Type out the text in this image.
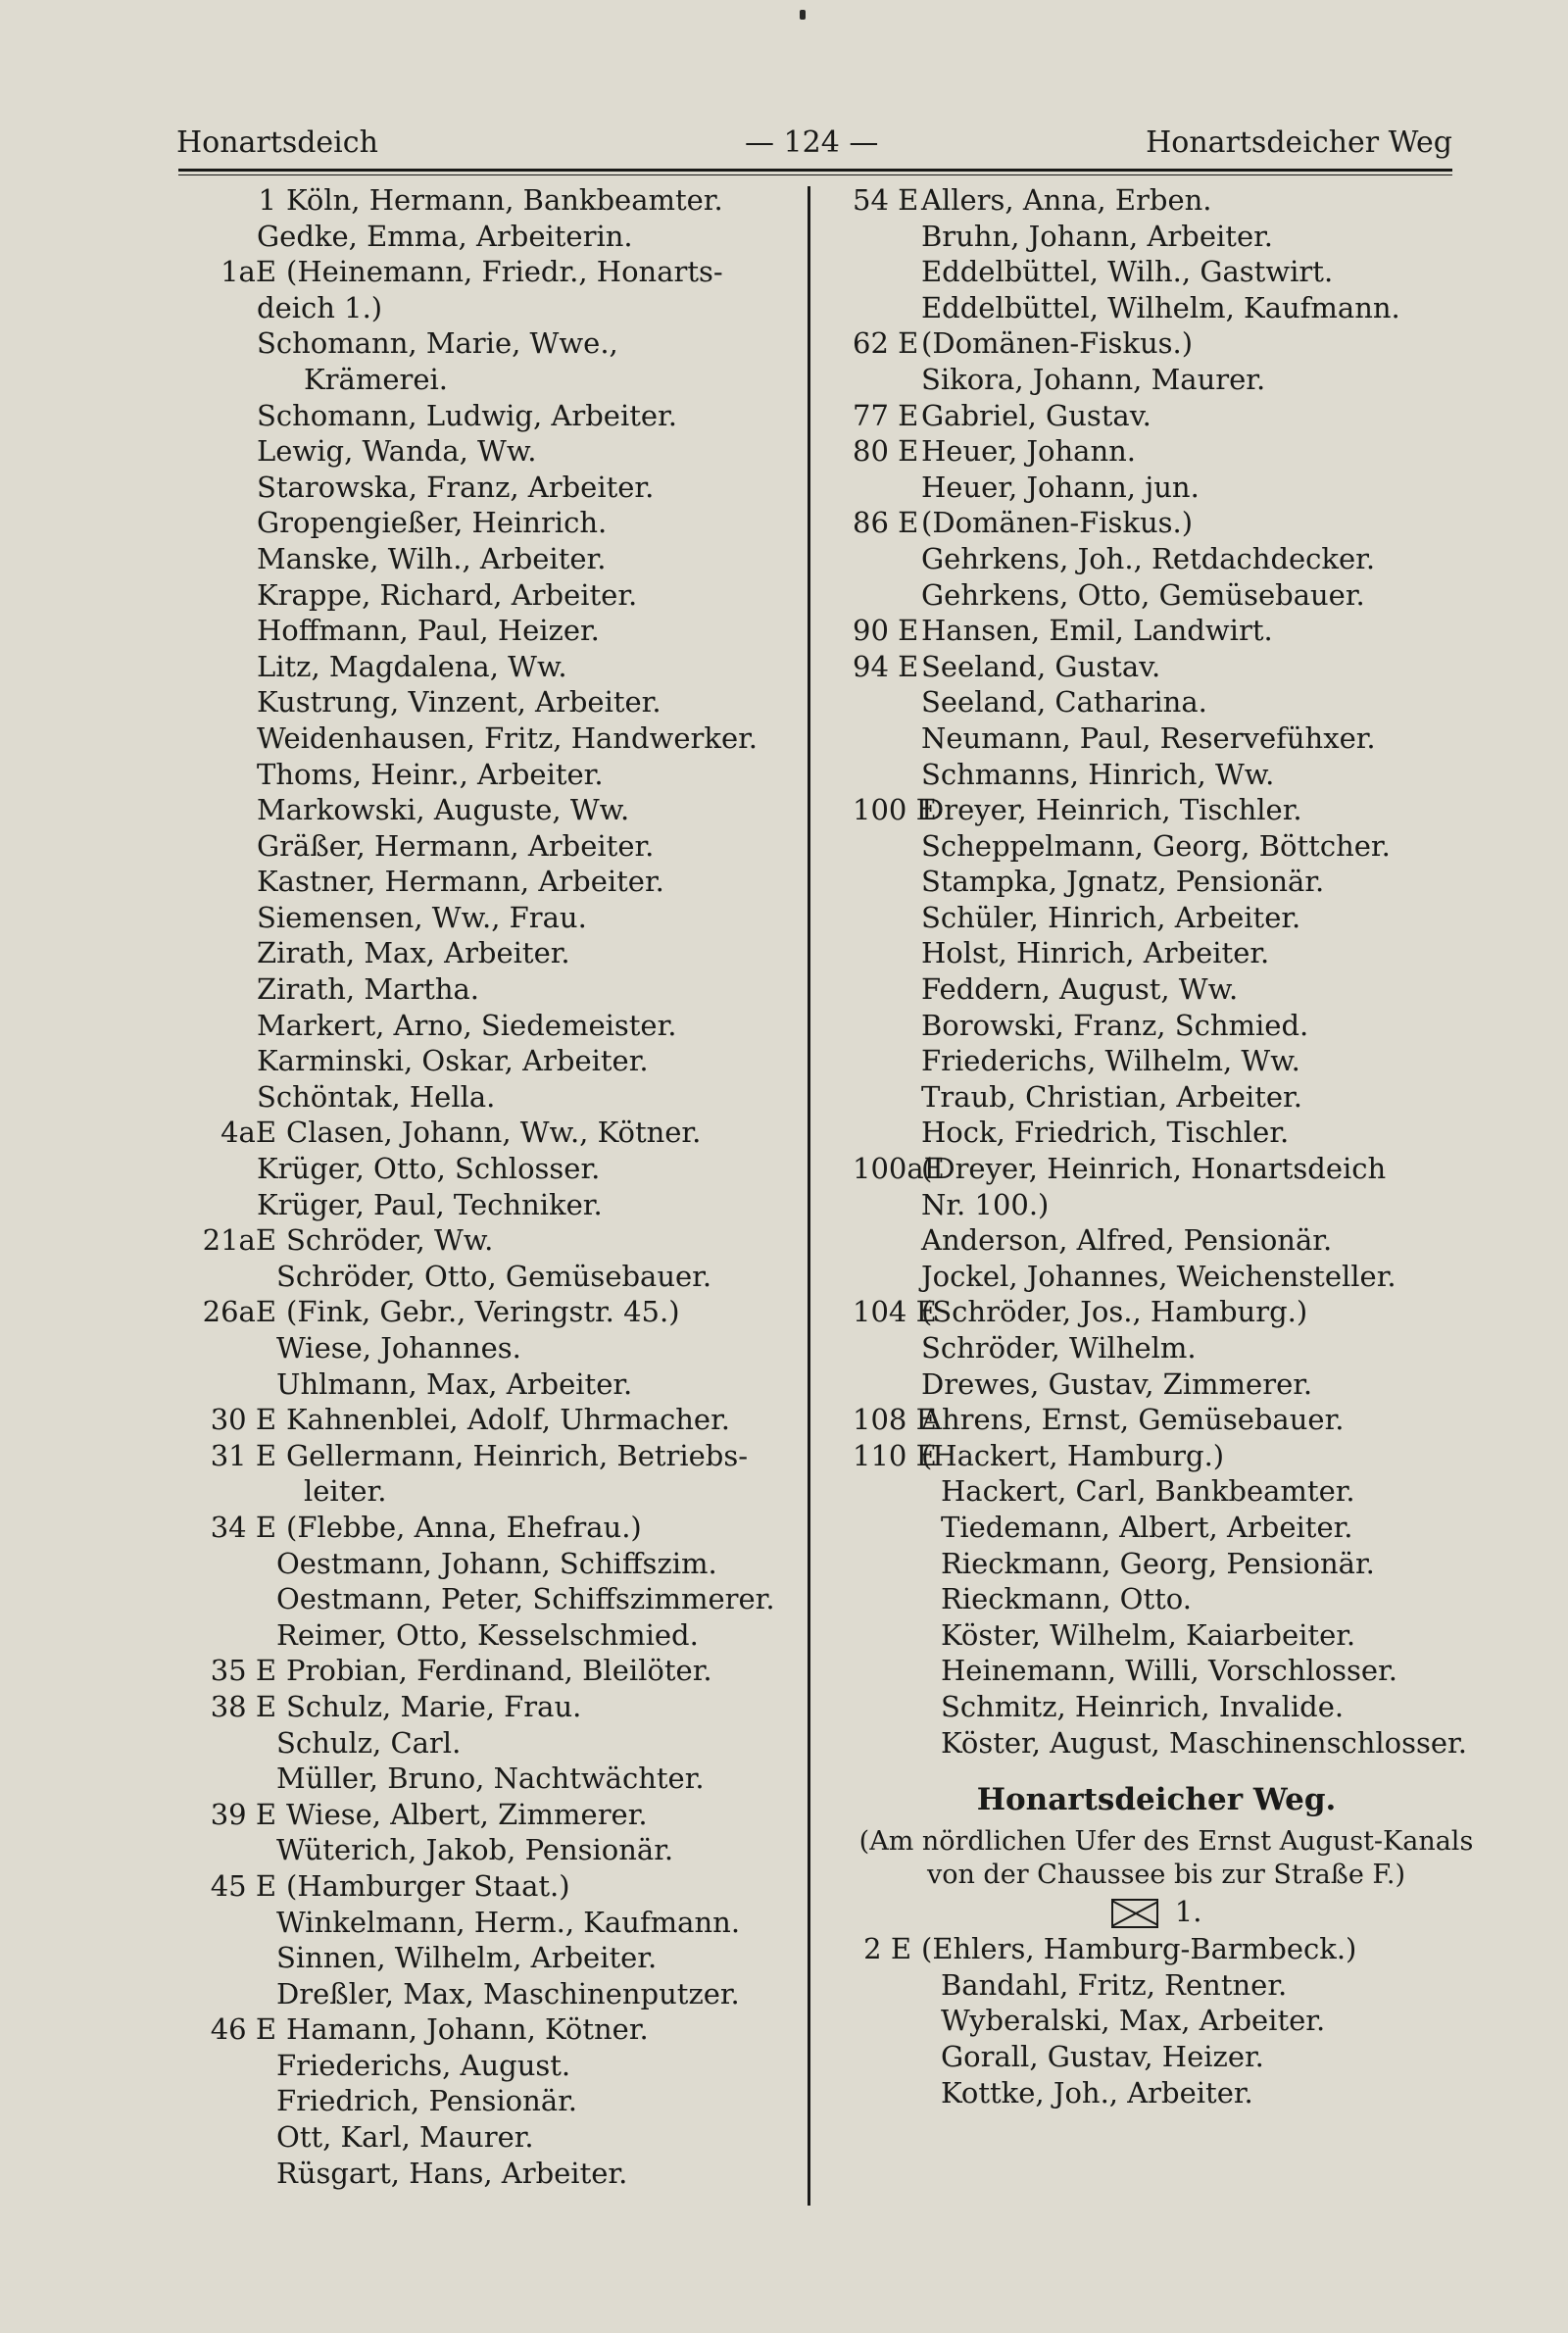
Honartsdeich	— 124 —	Honartsdeicher Weg
1 Köln, Hermann, Bankbeamter.
Gedke, Emma, Arbeiterin.
1aE (Heinemann, Friedr., Honarts-
deich 1.)
Schomann, Marie, Wwe.,
Krämerei.
Schomann, Ludwig, Arbeiter.
Lewig, Wanda, Ww.
Starowska, Franz, Arbeiter.
Gropengießer, Heinrich.
Manske, Wilh., Arbeiter.
Krappe, Richard, Arbeiter.
Hoffmann, Paul, Heizer.
Litz, Magdalena, Ww.
Kustrung, Vinzent, Arbeiter.
Weidenhausen, Fritz, Handwerker.
Thoms, Heinr., Arbeiter.
Markowski, Auguste, Ww.
Gräßer, Hermann, Arbeiter.
Kastner, Hermann, Arbeiter.
Siemensen, Ww., Frau.
Zirath, Max, Arbeiter.
Zirath, Martha.
Markert, Arno, Siedemeister.
Karminski, Oskar, Arbeiter.
Schöntak, Hella.
4aE Clasen, Johann, Ww., Kötner.
Krüger, Otto, Schlosser.
Krüger, Paul, Techniker.
21aE Schröder, Ww.
Schröder, Otto, Gemüsebauer.
26aE (Fink, Gebr., Veringstr. 45.)
Wiese, Johannes.
Uhlmann, Max, Arbeiter.
30 E Kahnenblei, Adolf, Uhrmacher.
31 E Gellermann, Heinrich, Betriebs-
leiter.
34 E (Flebbe, Anna, Ehefrau.)
Oestmann, Johann, Schiffszim.
Oestmann, Peter, Schiffszimmerer.
Reimer, Otto, Kesselschmied.
35 E Probian, Ferdinand, Bleilöter.
38 E Schulz, Marie, Frau.
Schulz, Carl.
Müller, Bruno, Nachtwächter.
39 E Wiese, Albert, Zimmerer.
Wüterich, Jakob, Pensionär.
45 E (Hamburger Staat.)
Winkelmann, Herm., Kaufmann.
Sinnen, Wilhelm, Arbeiter.
Dreßler, Max, Maschinenputzer.
46 E Hamann, Johann, Kötner.
Friederichs, August.
Friedrich, Pensionär.
Ott, Karl, Maurer.
Rüsgart, Hans, Arbeiter.
54 EAllers, Anna, Erben.
Bruhn, Johann, Arbeiter.
Eddelbüttel, Wilh., Gastwirt.
Eddelbüttel, Wilhelm, Kaufmann.
62 E(Domänen-Fiskus.)
Sikora, Johann, Maurer.
77 EGabriel, Gustav.
80 EHeuer, Johann.
Heuer, Johann, jun.
86 E(Domänen-Fiskus.)
Gehrkens, Joh., Retdachdecker.
Gehrkens, Otto, Gemüsebauer.
90 EHansen, Emil, Landwirt.
94 ESeeland, Gustav.
Seeland, Catharina.
Neumann, Paul, Reservefühxer.
Schmanns, Hinrich, Ww.
100 EDreyer, Heinrich, Tischler.
Scheppelmann, Georg, Böttcher.
Stampka, Jgnatz, Pensionär.
Schüler, Hinrich, Arbeiter.
Holst, Hinrich, Arbeiter.
Feddern, August, Ww.
Borowski, Franz, Schmied.
Friederichs, Wilhelm, Ww.
Traub, Christian, Arbeiter.
Hock, Friedrich, Tischler.
100aE(Dreyer, Heinrich, Honartsdeich
Nr. 100.)
Anderson, Alfred, Pensionär.
Jockel, Johannes, Weichensteller.
104 E(Schröder, Jos., Hamburg.)
Schröder, Wilhelm.
Drewes, Gustav, Zimmerer.
108 EAhrens, Ernst, Gemüsebauer.
110 E(Hackert, Hamburg.)
Hackert, Carl, Bankbeamter.
Tiedemann, Albert, Arbeiter.
Rieckmann, Georg, Pensionär.
Rieckmann, Otto.
Köster, Wilhelm, Kaiarbeiter.
Heinemann, Willi, Vorschlosser.
Schmitz, Heinrich, Invalide.
Köster, August, Maschinenschlosser.
Honartsdeicher Weg.
(Am nördlichen Ufer des Ernst August-Kanals
von der Chaussee bis zur Straße F.)
1.
2 E (Ehlers, Hamburg-Barmbeck.)
Bandahl, Fritz, Rentner.
Wyberalski, Max, Arbeiter.
Gorall, Gustav, Heizer.
Kottke, Joh., Arbeiter.
